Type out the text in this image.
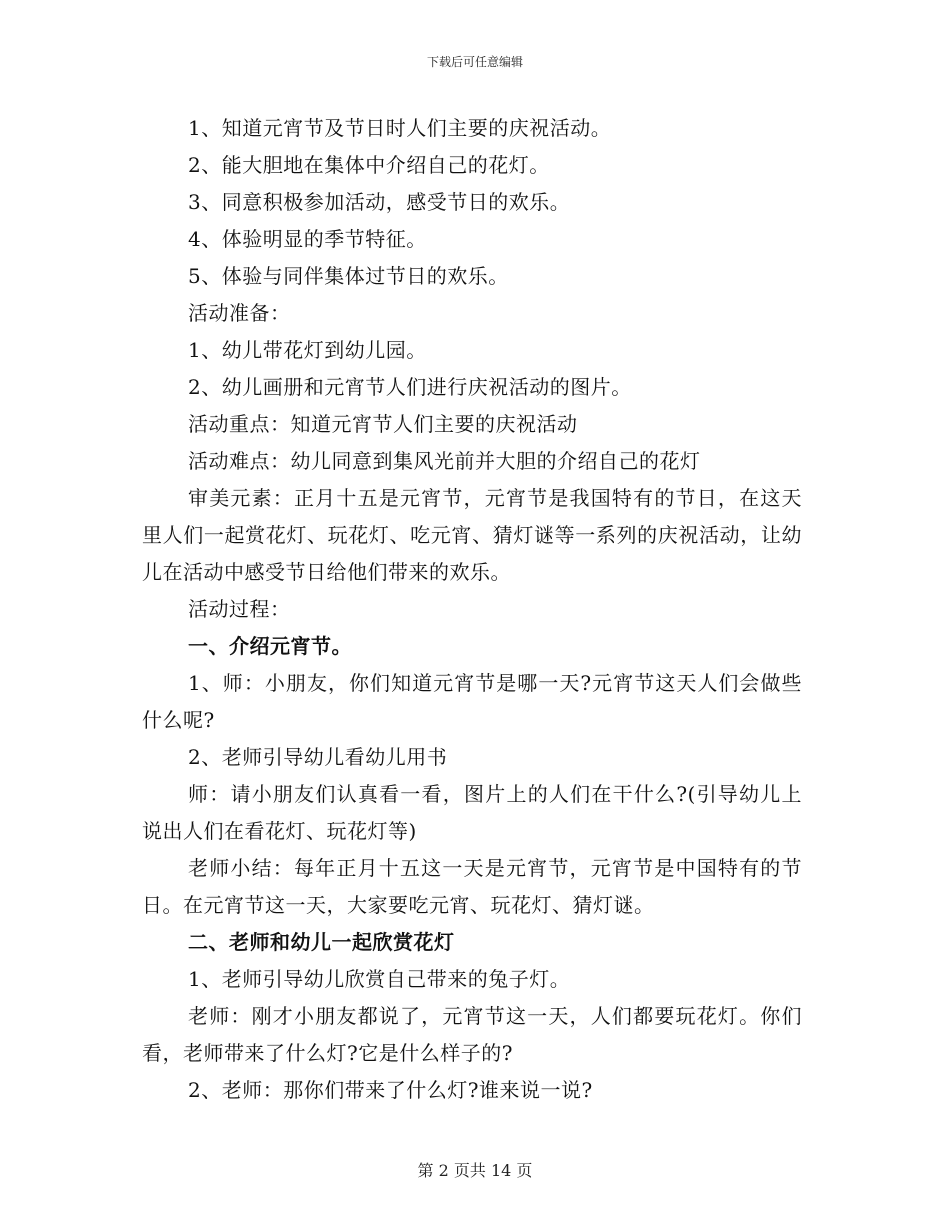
下载后可任意编辑

1、知道元宵节及节日时人们主要的庆祝活动。

2、能大胆地在集体中介绍自己的花灯。

3、同意积极参加活动，感受节日的欢乐。

4、体验明显的季节特征。

5、体验与同伴集体过节日的欢乐。

活动准备：

1、幼儿带花灯到幼儿园。

2、幼儿画册和元宵节人们进行庆祝活动的图片。

活动重点：知道元宵节人们主要的庆祝活动

活动难点：幼儿同意到集风光前并大胆的介绍自己的花灯

审美元素：正月十五是元宵节，元宵节是我国特有的节日，在这天里人们一起赏花灯、玩花灯、吃元宵、猜灯谜等一系列的庆祝活动，让幼儿在活动中感受节日给他们带来的欢乐。

活动过程：

一、介绍元宵节。

1、师：小朋友，你们知道元宵节是哪一天?元宵节这天人们会做些什么呢?

2、老师引导幼儿看幼儿用书

师：请小朋友们认真看一看，图片上的人们在干什么?(引导幼儿上说出人们在看花灯、玩花灯等)

老师小结：每年正月十五这一天是元宵节，元宵节是中国特有的节日。在元宵节这一天，大家要吃元宵、玩花灯、猜灯谜。

二、老师和幼儿一起欣赏花灯

1、老师引导幼儿欣赏自己带来的兔子灯。

老师：刚才小朋友都说了，元宵节这一天，人们都要玩花灯。你们看，老师带来了什么灯?它是什么样子的?

2、老师：那你们带来了什么灯?谁来说一说?

第 2 页共 14 页
